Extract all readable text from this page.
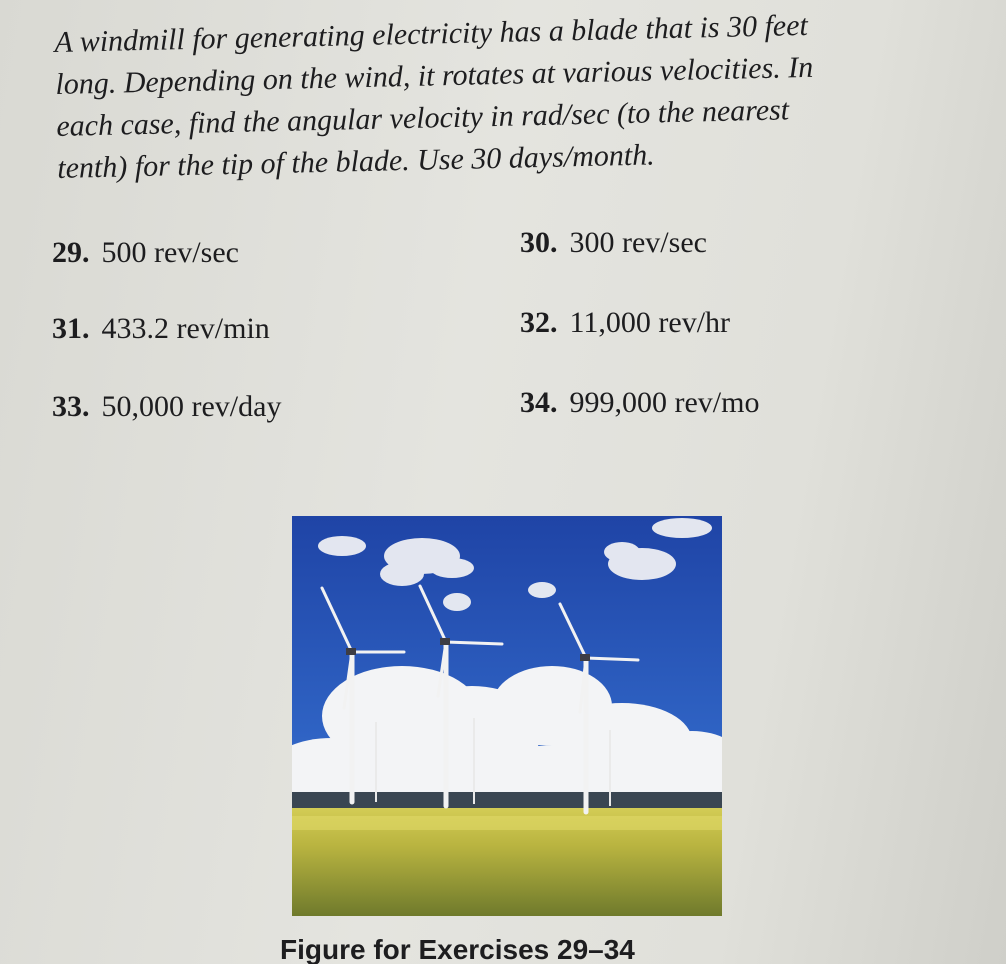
A windmill for generating electricity has a blade that is 30 feet
long. Depending on the wind, it rotates at various velocities. In
each case, find the angular velocity in rad/sec (to the nearest
tenth) for the tip of the blade. Use 30 days/month.
29. 500 rev/sec	30. 300 rev/sec
31. 433.2 rev/min	32. 11,000 rev/hr
33. 50,000 rev/day	34. 999,000 rev/mo
Figure for Exercises 29–34
